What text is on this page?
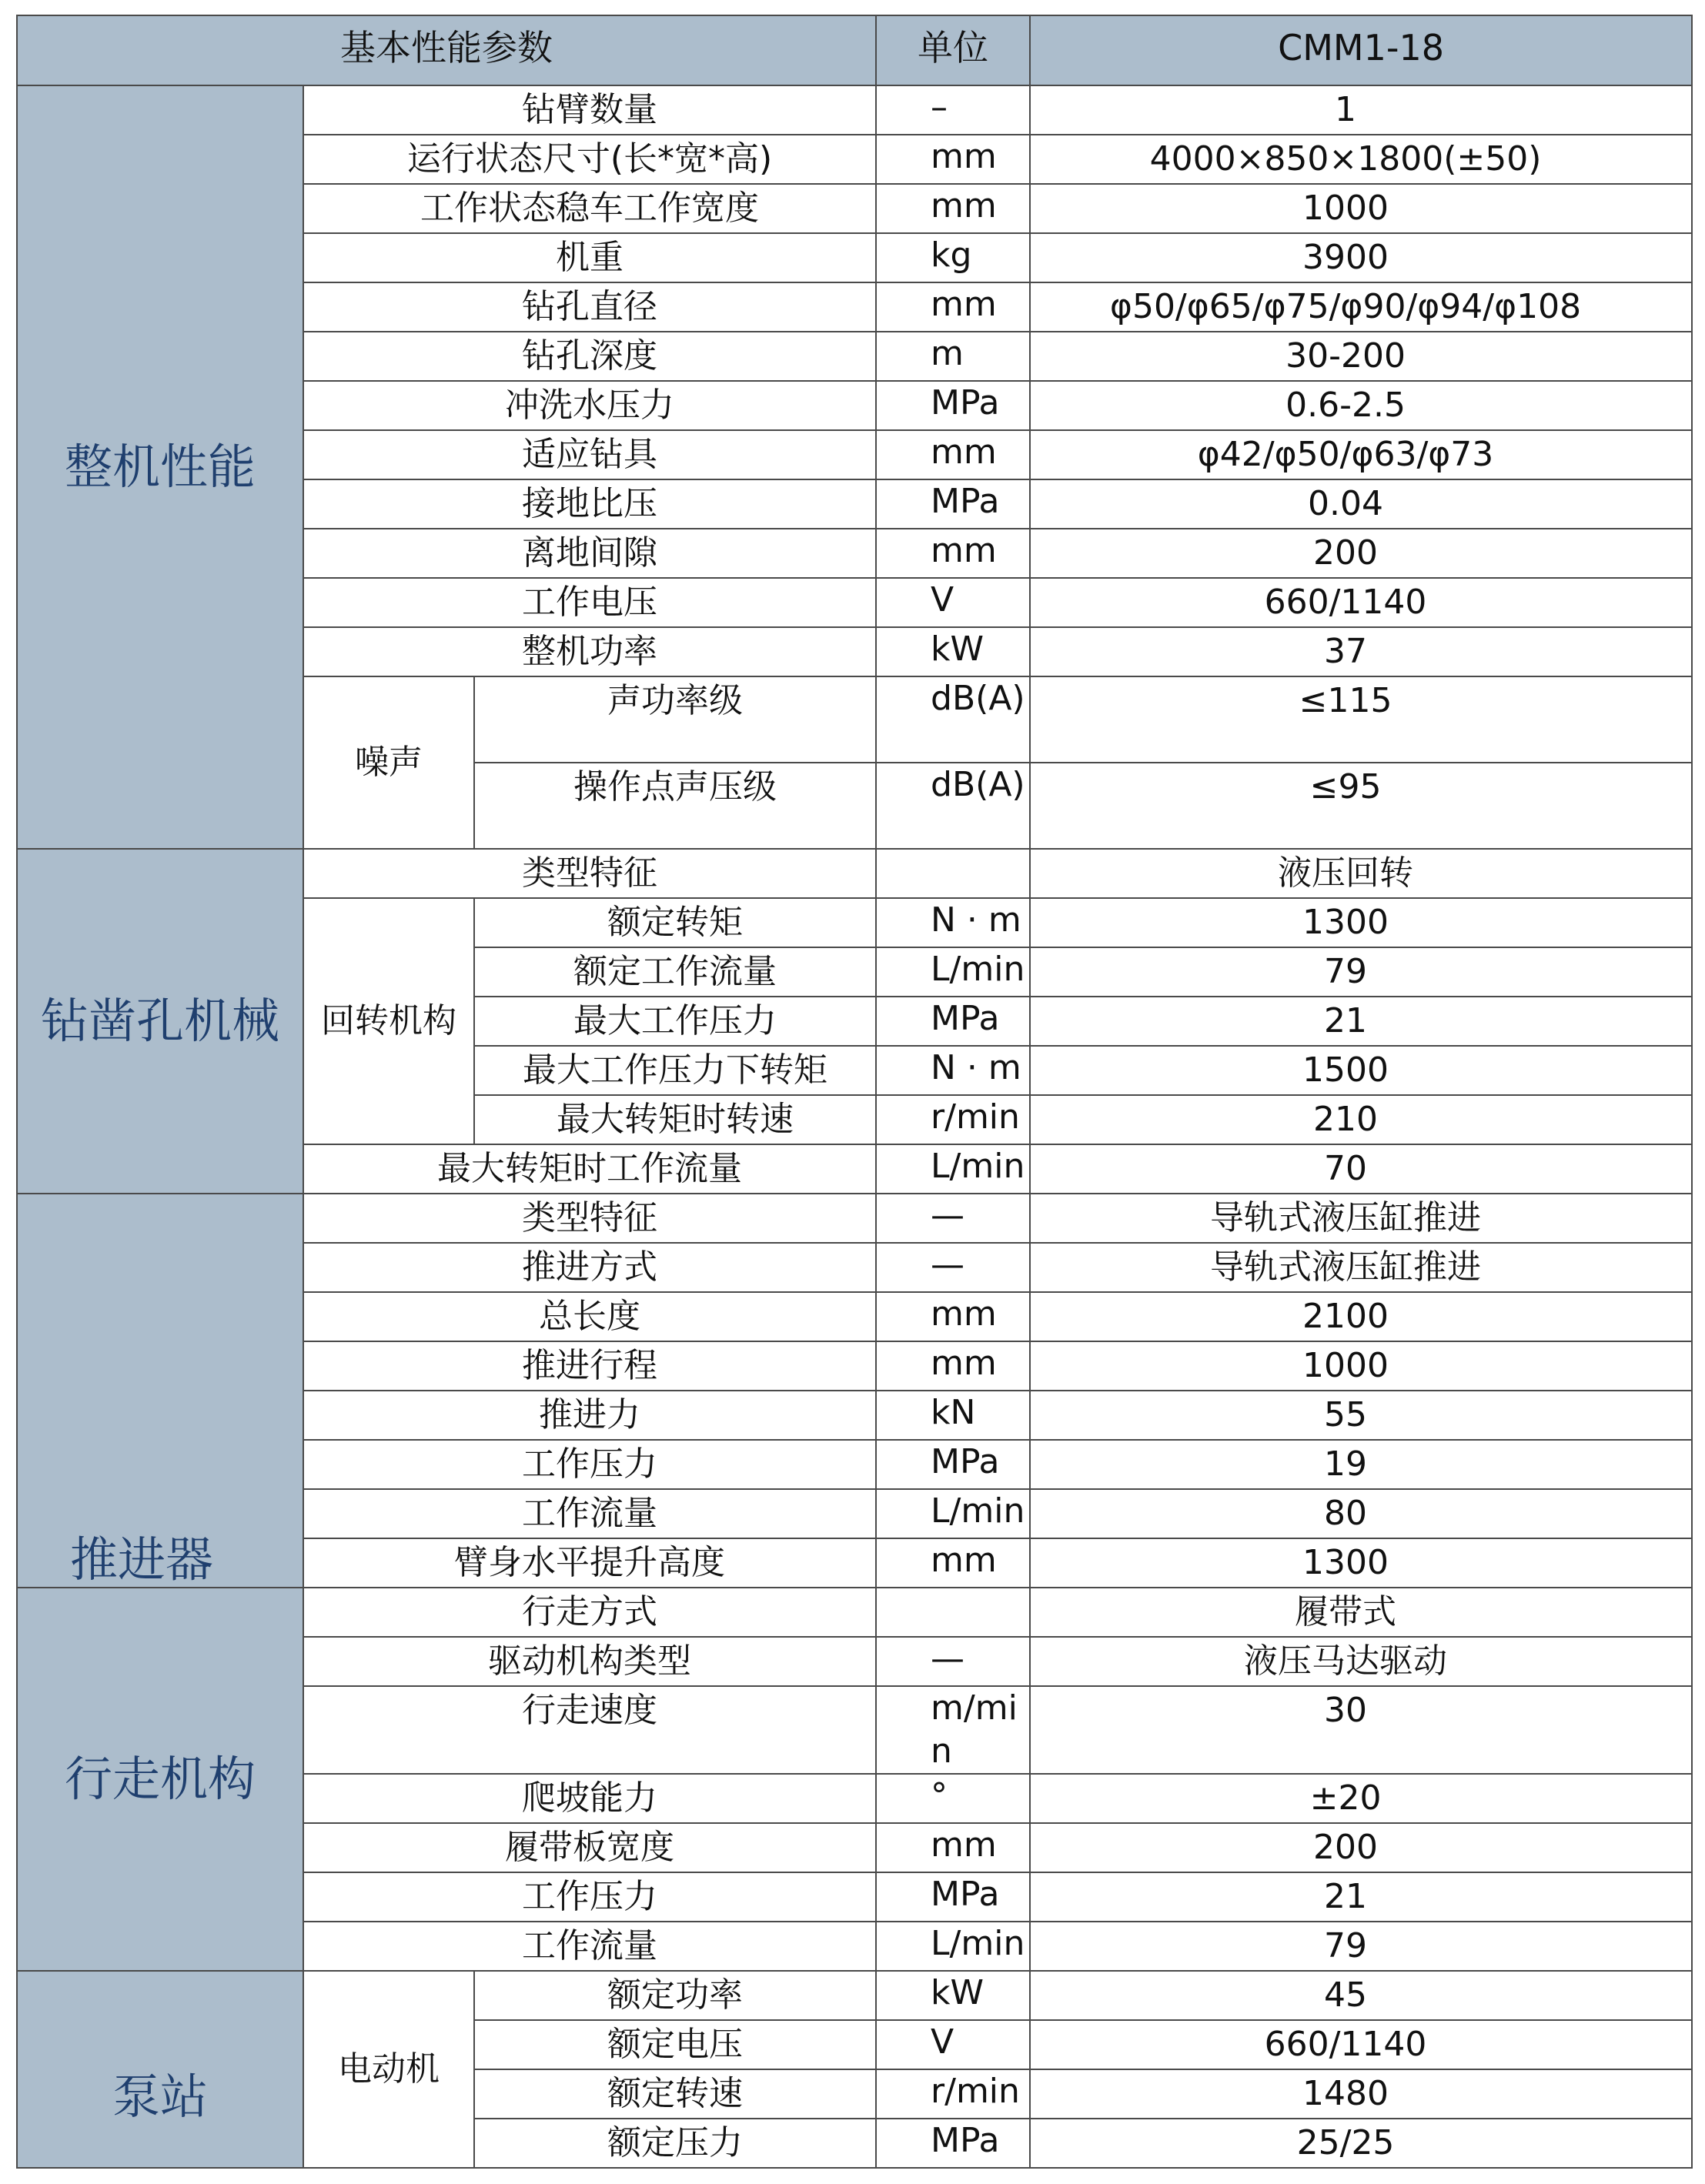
基本性能参数			单位	CMM1-18

整机性能	钻臂数量		–	1
	运行状态尺寸(长*宽*高)		mm	4000×850×1800(±50)
	工作状态稳车工作宽度		mm	1000
	机重		kg	3900
	钻孔直径		mm	φ50/φ65/φ75/φ90/φ94/φ108
	钻孔深度		m	30-200
	冲洗水压力		MPa	0.6-2.5
	适应钻具		mm	φ42/φ50/φ63/φ73
	接地比压		MPa	0.04
	离地间隙		mm	200
	工作电压		V	660/1140
	整机功率		kW	37
	噪声	声功率级	dB(A)	≤115
		操作点声压级	dB(A)	≤95

钻凿孔机械	类型特征			液压回转
	回转机构	额定转矩	N · m	1300
		额定工作流量	L/min	79
		最大工作压力	MPa	21
		最大工作压力下转矩	N · m	1500
		最大转矩时转速	r/min	210
	最大转矩时工作流量		L/min	70

推进器	类型特征		—	导轨式液压缸推进
	推进方式		—	导轨式液压缸推进
	总长度		mm	2100
	推进行程		mm	1000
	推进力		kN	55
	工作压力		MPa	19
	工作流量		L/min	80
	臂身水平提升高度		mm	1300

行走机构	行走方式			履带式
	驱动机构类型		—	液压马达驱动
	行走速度		m/min	30
	爬坡能力		°	±20
	履带板宽度		mm	200
	工作压力		MPa	21
	工作流量		L/min	79

泵站	电动机	额定功率	kW	45
		额定电压	V	660/1140
		额定转速	r/min	1480
		额定压力	MPa	25/25
